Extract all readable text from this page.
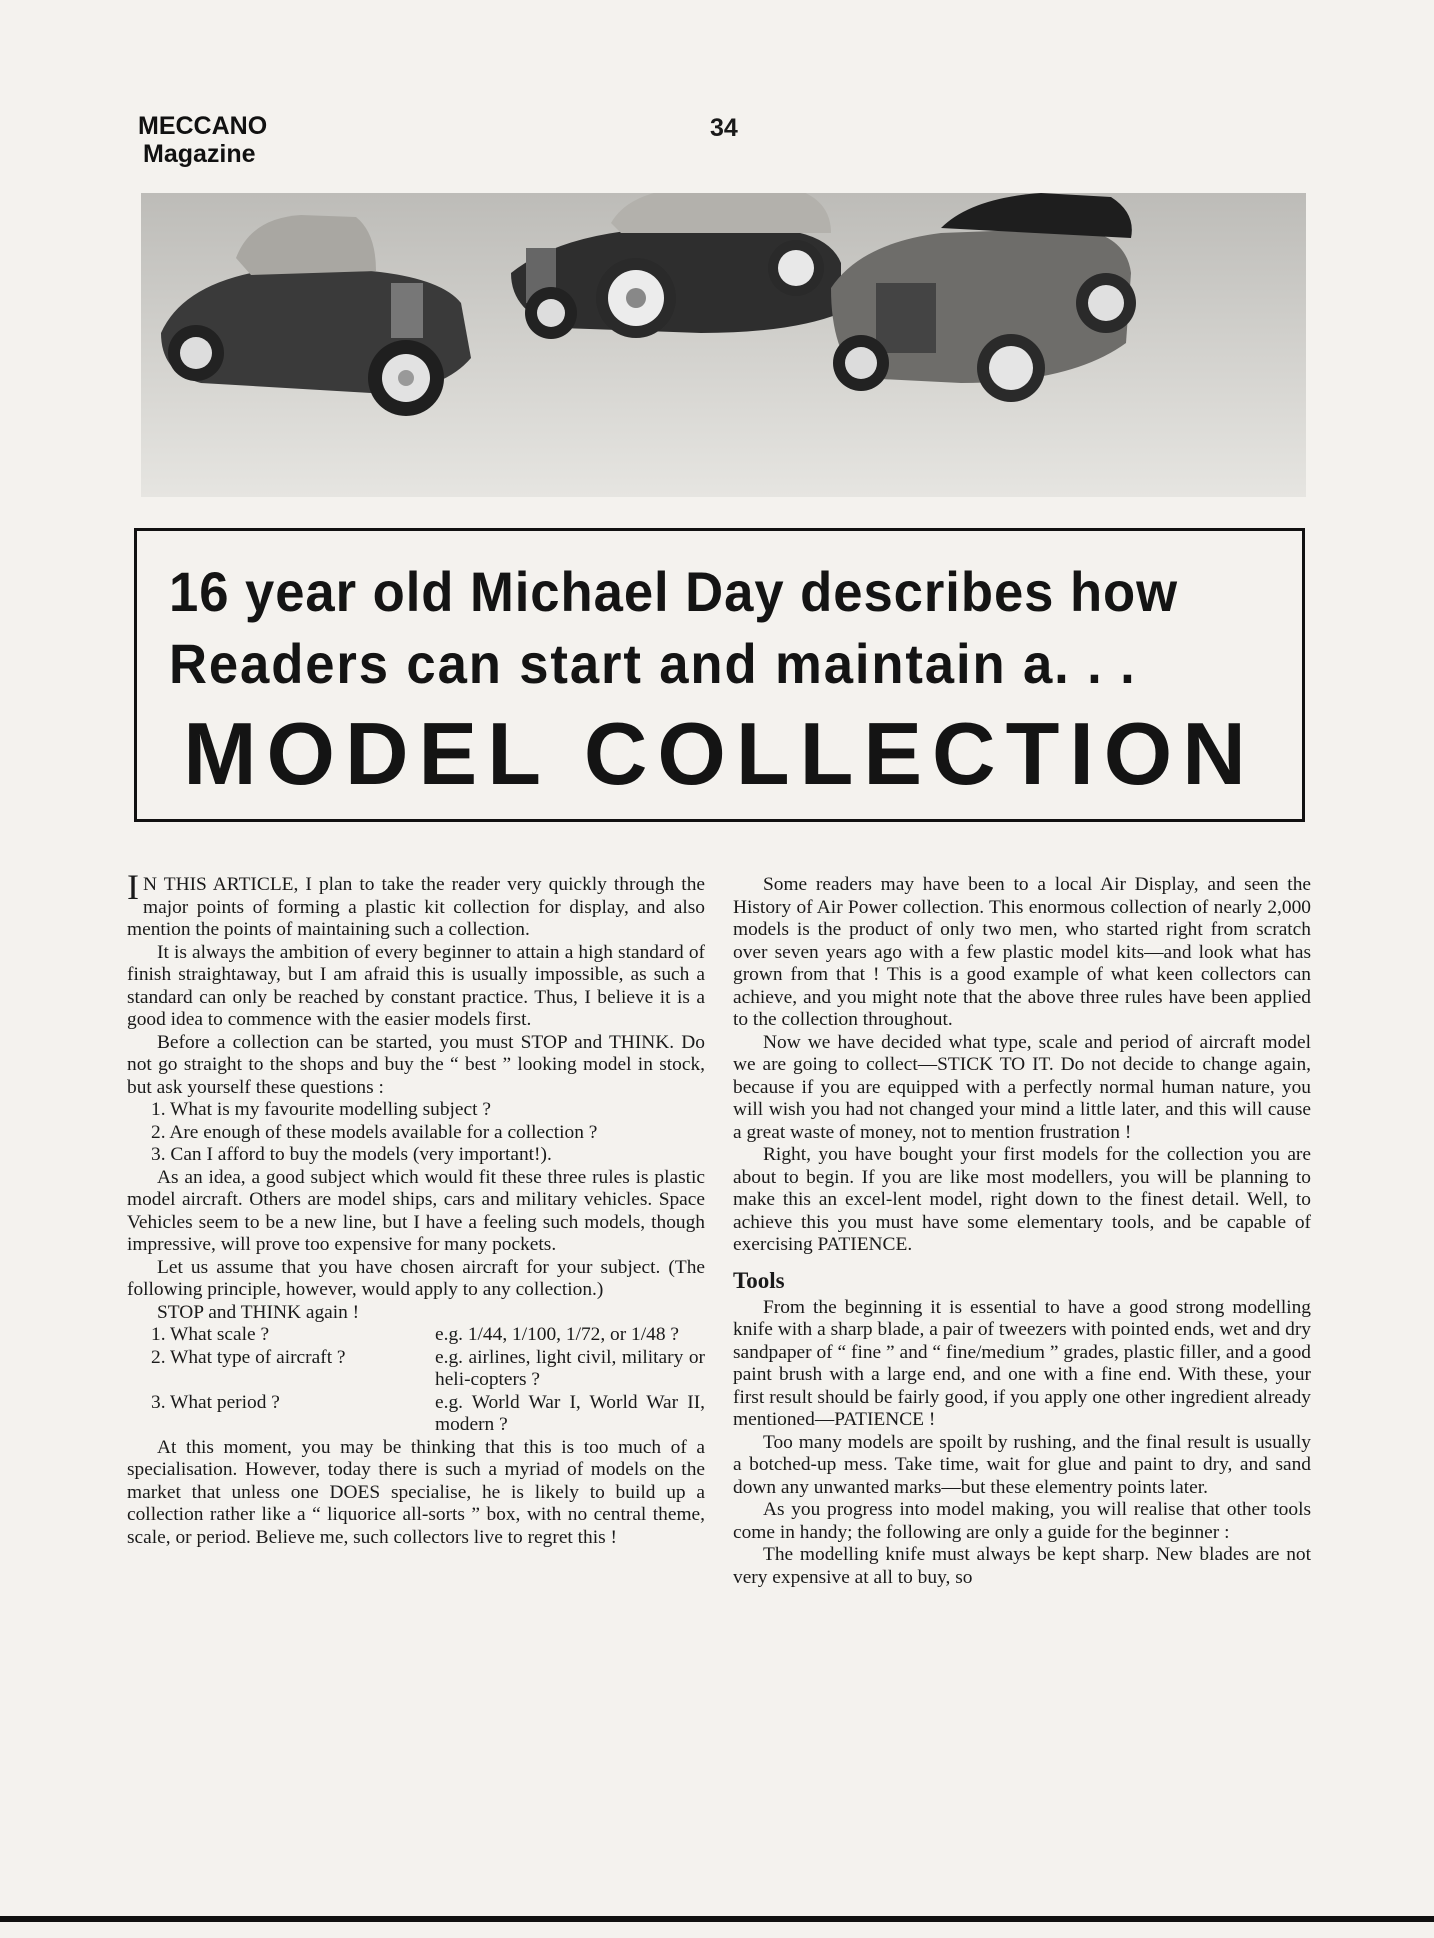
MECCANO
Magazine
34
16 year old Michael Day describes how
Readers can start and maintain a. . .
MODEL COLLECTION

I N THIS ARTICLE, I plan to take the reader very quickly through the major points of forming a plastic kit collection for display, and also mention the points of maintaining such a collection.

It is always the ambition of every beginner to attain a high standard of finish straightaway, but I am afraid this is usually impossible, as such a standard can only be reached by constant practice. Thus, I believe it is a good idea to commence with the easier models first.

Before a collection can be started, you must STOP and THINK. Do not go straight to the shops and buy the “ best ” looking model in stock, but ask yourself these questions :

1. What is my favourite modelling subject ?
2. Are enough of these models available for a collection ?
3. Can I afford to buy the models (very important!).

As an idea, a good subject which would fit these three rules is plastic model aircraft. Others are model ships, cars and military vehicles. Space Vehicles seem to be a new line, but I have a feeling such models, though impressive, will prove too expensive for many pockets.

Let us assume that you have chosen aircraft for your subject. (The following principle, however, would apply to any collection.)

STOP and THINK again !

1. What scale ?	e.g. 1/44, 1/100, 1/72, or 1/48 ?
2. What type of aircraft ?	e.g. airlines, light civil, military or heli-copters ?
3. What period ?	e.g. World War I, World War II, modern ?

At this moment, you may be thinking that this is too much of a specialisation. However, today there is such a myriad of models on the market that unless one DOES specialise, he is likely to build up a collection rather like a “ liquorice all-sorts ” box, with no central theme, scale, or period. Believe me, such collectors live to regret this !

Some readers may have been to a local Air Display, and seen the History of Air Power collection. This enormous collection of nearly 2,000 models is the product of only two men, who started right from scratch over seven years ago with a few plastic model kits—and look what has grown from that ! This is a good example of what keen collectors can achieve, and you might note that the above three rules have been applied to the collection throughout.

Now we have decided what type, scale and period of aircraft model we are going to collect—STICK TO IT. Do not decide to change again, because if you are equipped with a perfectly normal human nature, you will wish you had not changed your mind a little later, and this will cause a great waste of money, not to mention frustration !

Right, you have bought your first models for the collection you are about to begin. If you are like most modellers, you will be planning to make this an excel-lent model, right down to the finest detail. Well, to achieve this you must have some elementary tools, and be capable of exercising PATIENCE.

Tools

From the beginning it is essential to have a good strong modelling knife with a sharp blade, a pair of tweezers with pointed ends, wet and dry sandpaper of “ fine ” and “ fine/medium ” grades, plastic filler, and a good paint brush with a large end, and one with a fine end. With these, your first result should be fairly good, if you apply one other ingredient already mentioned—PATIENCE !

Too many models are spoilt by rushing, and the final result is usually a botched-up mess. Take time, wait for glue and paint to dry, and sand down any unwanted marks—but these elementry points later.

As you progress into model making, you will realise that other tools come in handy; the following are only a guide for the beginner :

The modelling knife must always be kept sharp. New blades are not very expensive at all to buy, so
